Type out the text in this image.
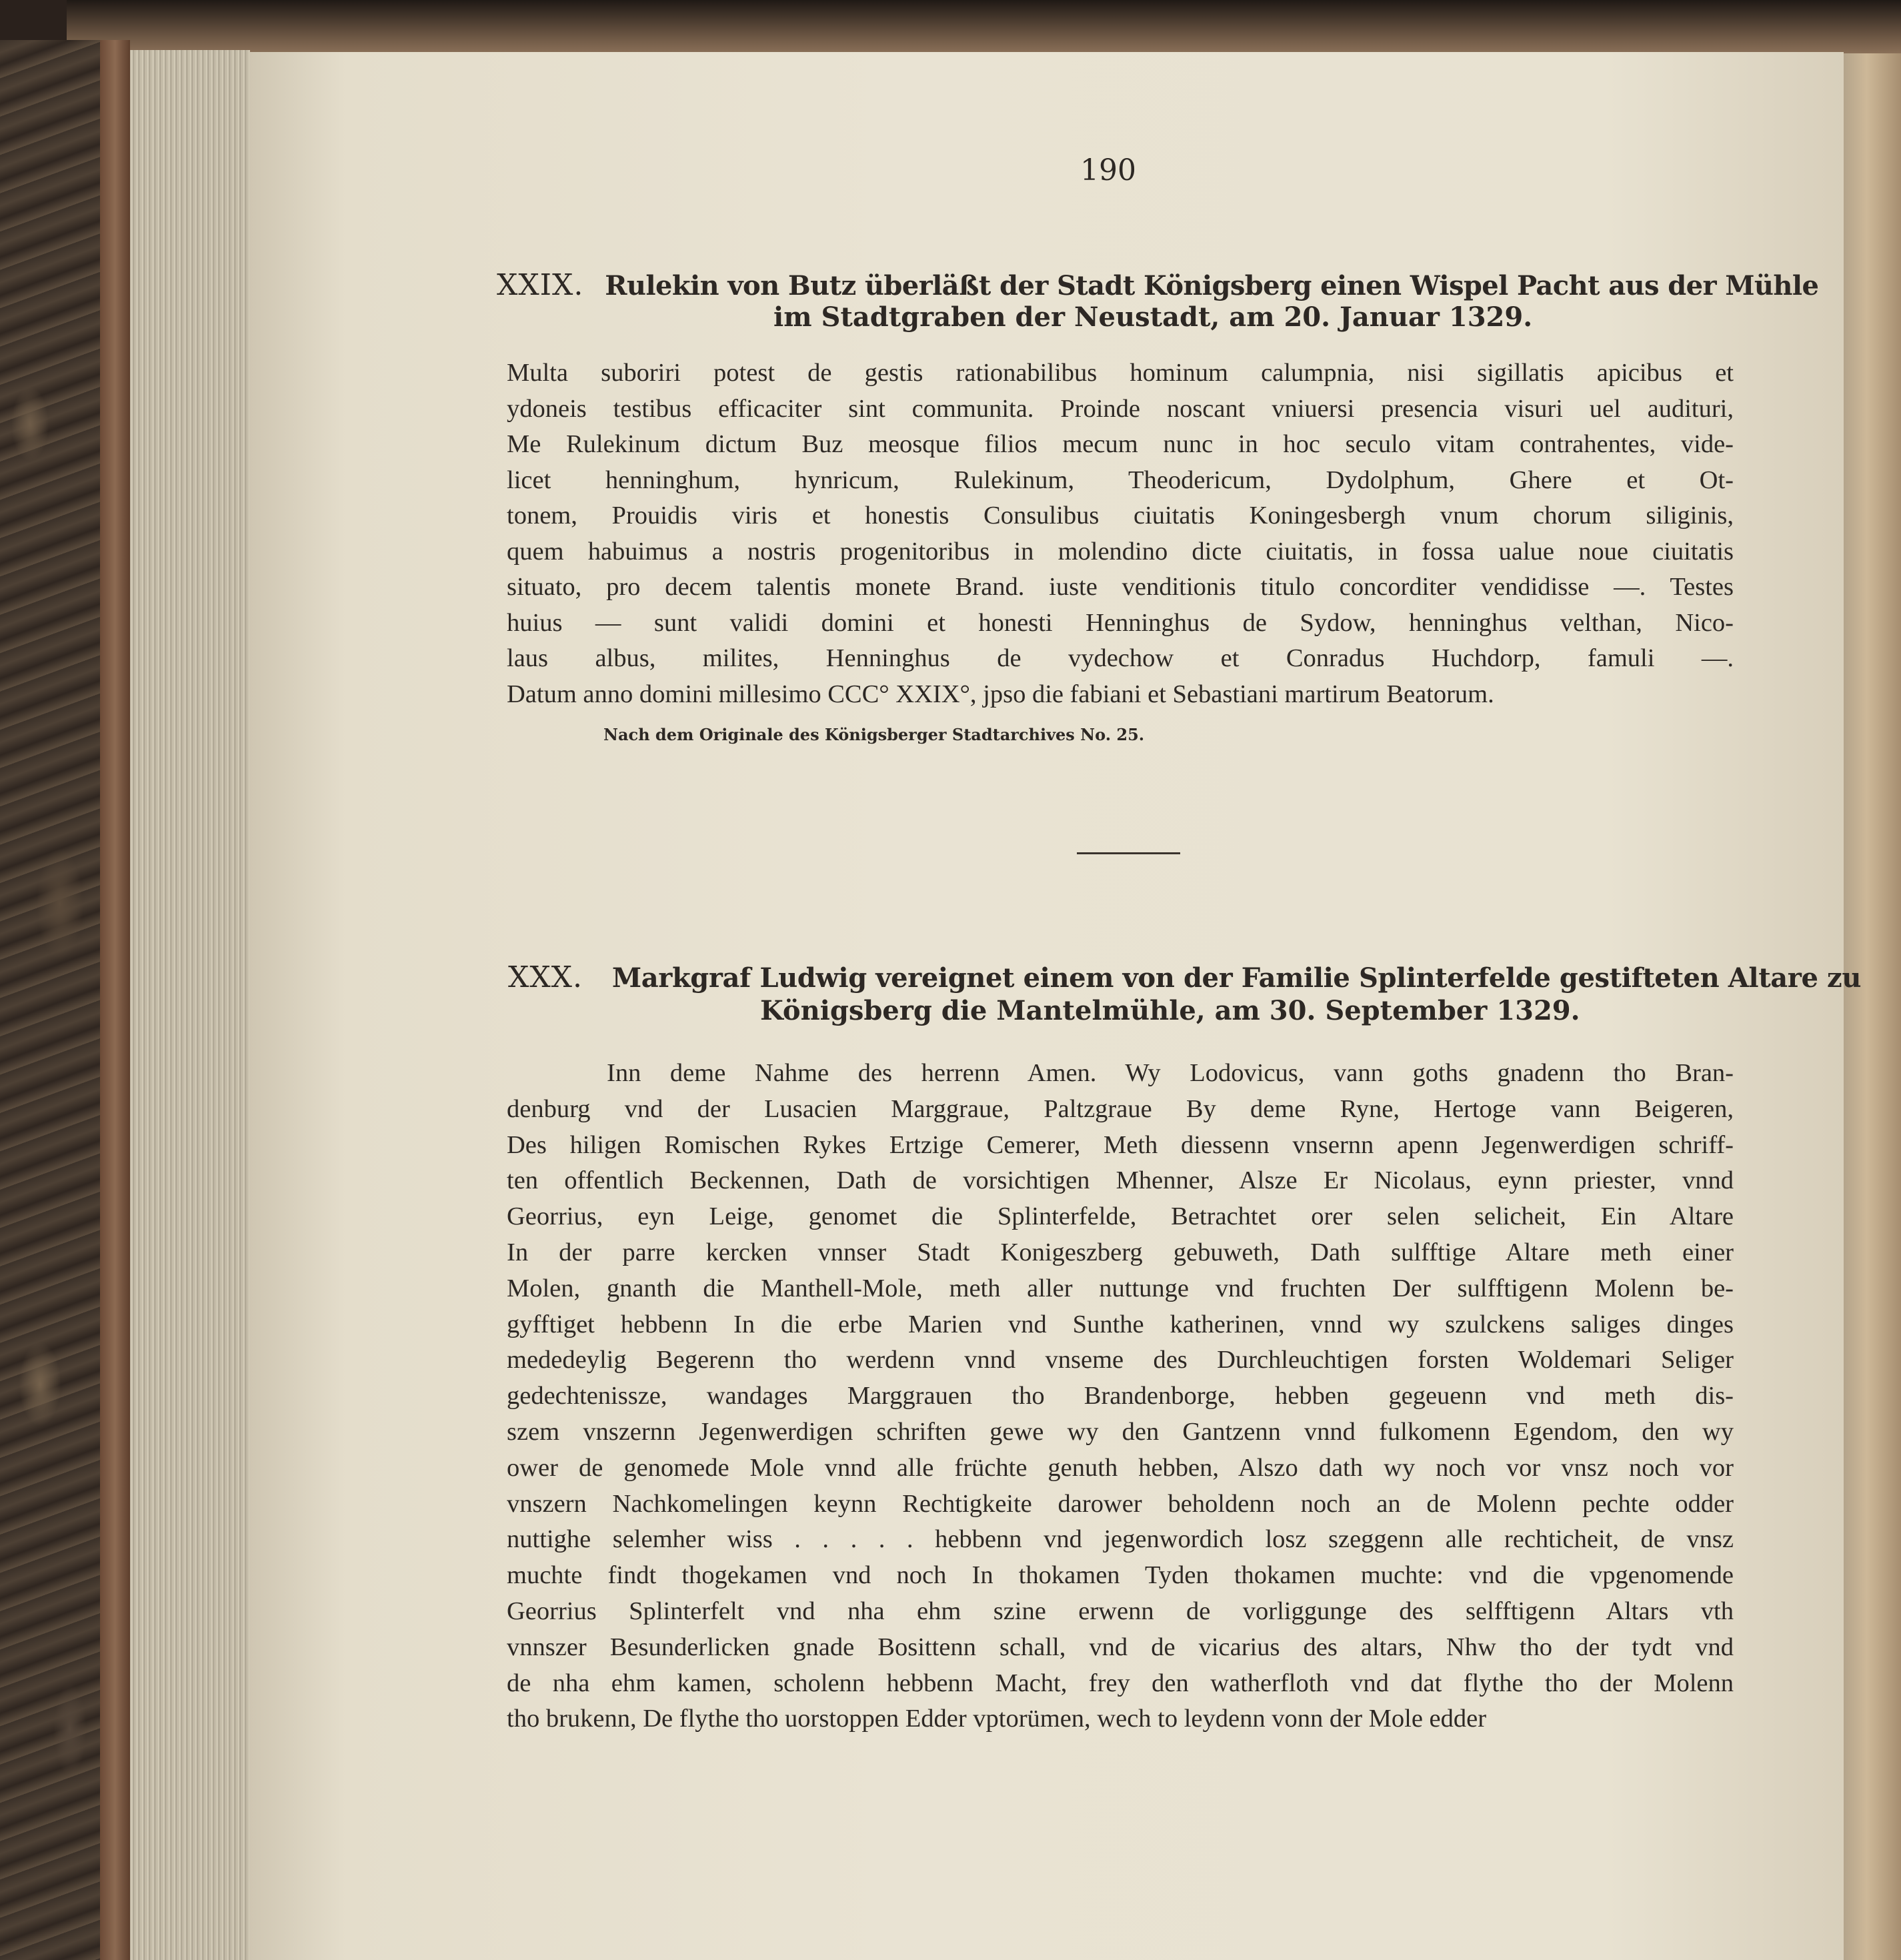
190
XXIX. Rulekin von Butz überläßt der Stadt Königsberg einen Wispel Pacht aus der Mühle
im Stadtgraben der Neustadt, am 20. Januar 1329.
Multa suboriri potest de gestis rationabilibus hominum calumpnia, nisi sigillatis apicibus et
ydoneis testibus efficaciter sint communita. Proinde noscant vniuersi presencia visuri uel audituri,
Me Rulekinum dictum Buz meosque filios mecum nunc in hoc seculo vitam contrahentes, vide-
licet henninghum, hynricum, Rulekinum, Theodericum, Dydolphum, Ghere et Ot-
tonem, Prouidis viris et honestis Consulibus ciuitatis Koningesbergh vnum chorum siliginis,
quem habuimus a nostris progenitoribus in molendino dicte ciuitatis, in fossa ualue noue ciuitatis
situato, pro decem talentis monete Brand. iuste venditionis titulo concorditer vendidisse —. Testes
huius — sunt validi domini et honesti Henninghus de Sydow, henninghus velthan, Nico-
laus albus, milites, Henninghus de vydechow et Conradus Huchdorp, famuli —.
Datum anno domini millesimo CCC° XXIX°, jpso die fabiani et Sebastiani martirum Beatorum.
Nach dem Originale des Königsberger Stadtarchives No. 25.
XXX. Markgraf Ludwig vereignet einem von der Familie Splinterfelde gestifteten Altare zu
Königsberg die Mantelmühle, am 30. September 1329.
Inn deme Nahme des herrenn Amen. Wy Lodovicus, vann goths gnadenn tho Bran-
denburg vnd der Lusacien Marggraue, Paltzgraue By deme Ryne, Hertoge vann Beigeren,
Des hiligen Romischen Rykes Ertzige Cemerer, Meth diessenn vnsernn apenn Jegenwerdigen schriff-
ten offentlich Beckennen, Dath de vorsichtigen Mhenner, Alsze Er Nicolaus, eynn priester, vnnd
Georrius, eyn Leige, genomet die Splinterfelde, Betrachtet orer selen selicheit, Ein Altare
In der parre kercken vnnser Stadt Konigeszberg gebuweth, Dath sulfftige Altare meth einer
Molen, gnanth die Manthell-Mole, meth aller nuttunge vnd fruchten Der sulfftigenn Molenn be-
gyfftiget hebbenn In die erbe Marien vnd Sunthe katherinen, vnnd wy szulckens saliges dinges
mededeylig Begerenn tho werdenn vnnd vnseme des Durchleuchtigen forsten Woldemari Seliger
gedechtenissze, wandages Marggrauen tho Brandenborge, hebben gegeuenn vnd meth dis-
szem vnszernn Jegenwerdigen schriften gewe wy den Gantzenn vnnd fulkomenn Egendom, den wy
ower de genomede Mole vnnd alle früchte genuth hebben, Alszo dath wy noch vor vnsz noch vor
vnszern Nachkomelingen keynn Rechtigkeite darower beholdenn noch an de Molenn pechte odder
nuttighe selemher wiss . . . . . hebbenn vnd jegenwordich losz szeggenn alle rechticheit, de vnsz
muchte findt thogekamen vnd noch In thokamen Tyden thokamen muchte: vnd die vpgenomende
Georrius Splinterfelt vnd nha ehm szine erwenn de vorliggunge des selfftigenn Altars vth
vnnszer Besunderlicken gnade Bosittenn schall, vnd de vicarius des altars, Nhw tho der tydt vnd
de nha ehm kamen, scholenn hebbenn Macht, frey den watherfloth vnd dat flythe tho der Molenn
tho brukenn, De flythe tho uorstoppen Edder vptorümen, wech to leydenn vonn der Mole edder
